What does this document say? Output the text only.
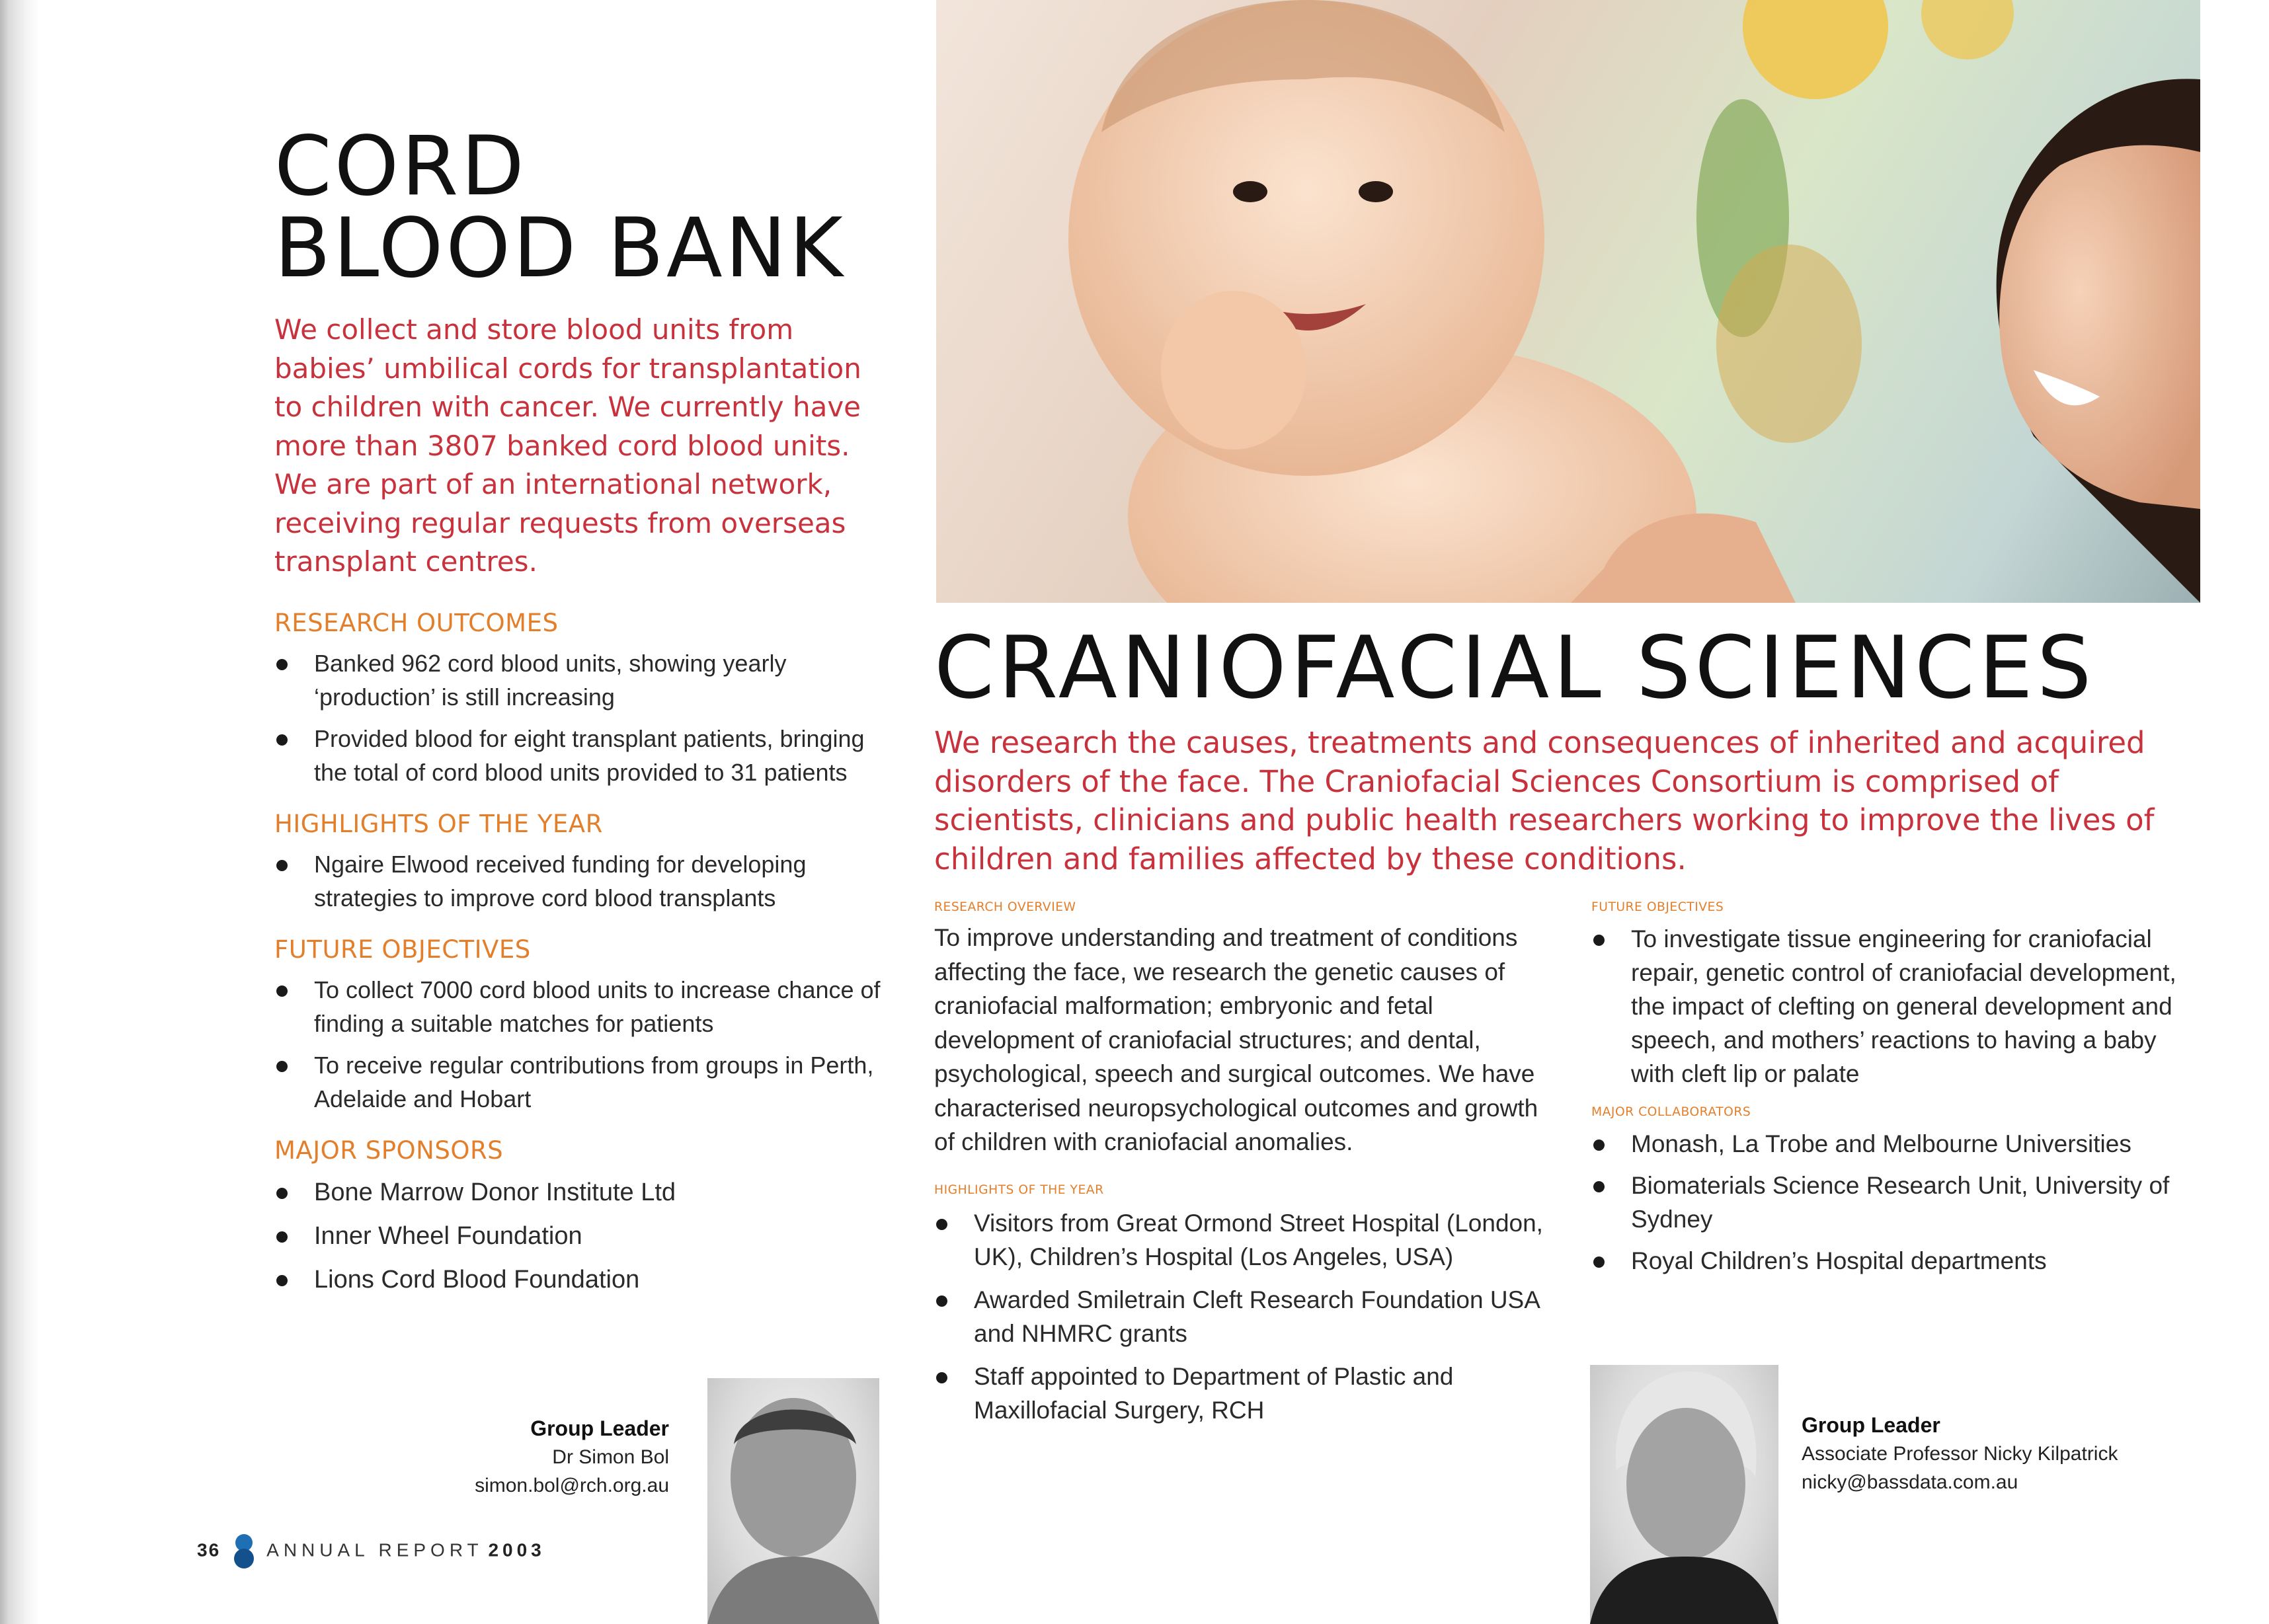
CORD
BLOOD BANK

We collect and store blood units from babies’ umbilical cords for transplantation to children with cancer. We currently have more than 3807 banked cord blood units. We are part of an international network, receiving regular requests from overseas transplant centres.

RESEARCH OUTCOMES
Banked 962 cord blood units, showing yearly ‘production’ is still increasing
Provided blood for eight transplant patients, bringing the total of cord blood units provided to 31 patients
HIGHLIGHTS OF THE YEAR
Ngaire Elwood received funding for developing strategies to improve cord blood transplants
FUTURE OBJECTIVES
To collect 7000 cord blood units to increase chance of finding a suitable matches for patients
To receive regular contributions from groups in Perth, Adelaide and Hobart
MAJOR SPONSORS
Bone Marrow Donor Institute Ltd
Inner Wheel Foundation
Lions Cord Blood Foundation
CRANIOFACIAL SCIENCES

We research the causes, treatments and consequences of inherited and acquired disorders of the face. The Craniofacial Sciences Consortium is comprised of scientists, clinicians and public health researchers working to improve the lives of children and families affected by these conditions.

RESEARCH OVERVIEW

To improve understanding and treatment of conditions affecting the face, we research the genetic causes of craniofacial malformation; embryonic and fetal development of craniofacial structures; and dental, psychological, speech and surgical outcomes. We have characterised neuropsychological outcomes and growth of children with craniofacial anomalies.

HIGHLIGHTS OF THE YEAR
Visitors from Great Ormond Street Hospital (London, UK), Children’s Hospital (Los Angeles, USA)
Awarded Smiletrain Cleft Research Foundation USA and NHMRC grants
Staff appointed to Department of Plastic and Maxillofacial Surgery, RCH
FUTURE OBJECTIVES
To investigate tissue engineering for craniofacial repair, genetic control of craniofacial development, the impact of clefting on general development and speech, and mothers’ reactions to having a baby with cleft lip or palate
MAJOR COLLABORATORS
Monash, La Trobe and Melbourne Universities
Biomaterials Science Research Unit, University of Sydney
Royal Children’s Hospital departments
Group Leader
Dr Simon Bol
simon.bol@rch.org.au
Group Leader
Associate Professor Nicky Kilpatrick
nicky@bassdata.com.au
36	ANNUAL REPORT 2003
